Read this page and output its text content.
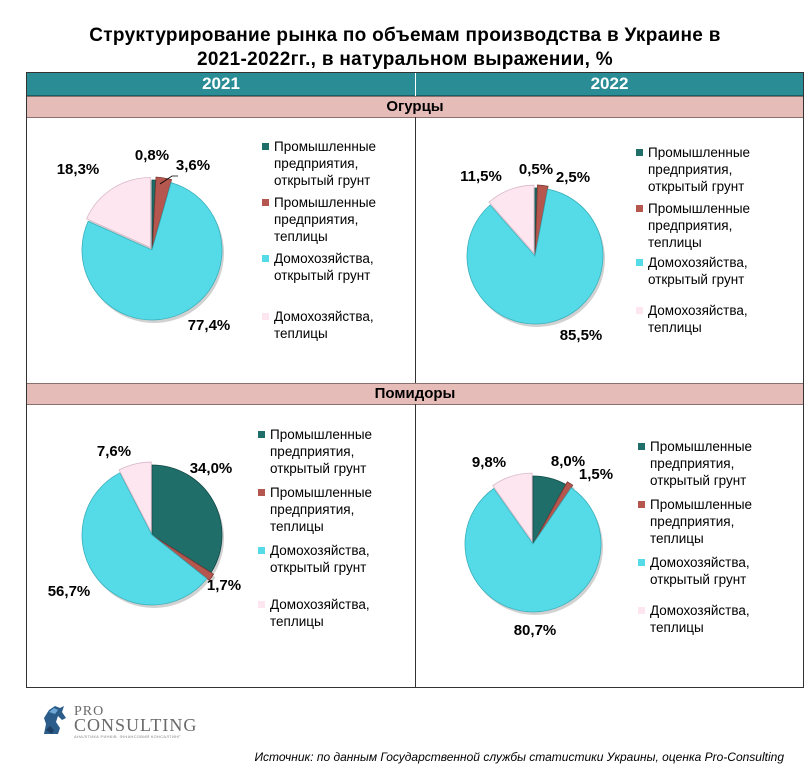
Структурирование рынка по объемам производства в Украине в
2021-2022гг., в натуральном выражении, %
2021	2022
Огурцы
Помидоры
0,8%
3,6%
77,4%
18,3%	0,5% 2,5%
85,5%
11,5%
34,0%
1,7%
56,7%
7,6%
8,0%
1,5%
80,7%
9,8%
Промышленные
предприятия,
открытый грунт
Промышленные
предприятия,
теплицы
Домохозяйства,
открытый грунт
Домохозяйства,
теплицы
Промышленные
предприятия,
открытый грунт
Промышленные
предприятия,
теплицы
Домохозяйства,
открытый грунт
Домохозяйства,
теплицы
Промышленные
предприятия,
открытый грунт
Промышленные
предприятия,
теплицы
Домохозяйства,
открытый грунт
Домохозяйства,
теплицы
Промышленные
предприятия,
открытый грунт
Промышленные
предприятия,
теплицы
Домохозяйства,
открытый грунт
Домохозяйства,
теплицы
PRO
CONSULTING
АНАЛІТИКА РИНКІВ. ФІНАНСОВИЙ КОНСАЛТИНГ
Источник: по данным Государственной службы статистики Украины, оценка Pro-Consulting
